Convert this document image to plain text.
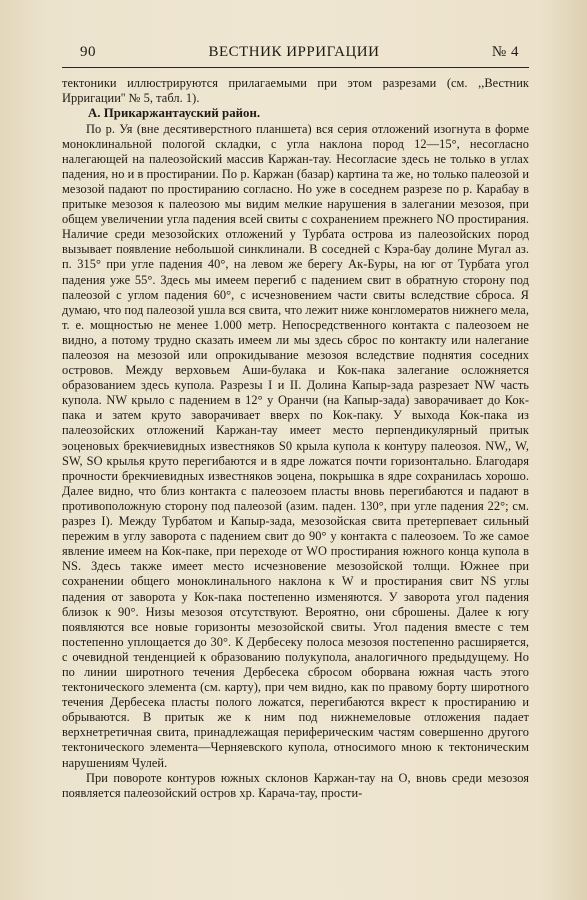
90	ВЕСТНИК ИРРИГАЦИИ	№ 4

тектоники иллюстрируются прилагаемыми при этом разрезами (см. ,,Вестник Ирригации'' № 5, табл. 1).

А. Прикаржантауский район.

По р. Уя (вне десятиверстного планшета) вся серия отложений изогнута в форме моноклинальной пологой складки, с угла наклона пород 12—15°, несогласно налегающей на палеозойский массив Каржан-тау. Несогласие здесь не только в углах падения, но и в простирании. По р. Каржан (базар) картина та же, но только палеозой и мезозой падают по простиранию согласно. Но уже в соседнем разрезе по р. Карабау в притыке мезозоя к палеозою мы видим мелкие нарушения в залегании мезозоя, при общем увеличении угла падения всей свиты с сохранением прежнего NO простирания. Наличие среди мезозойских отложений у Турбата острова из палеозойских пород вызывает появление небольшой синклинали. В соседней с Кэра-бау долине Мугал аз. п. 315° при угле падения 40°, на левом же берегу Ак-Буры, на юг от Турбата угол падения уже 55°. Здесь мы имеем перегиб с падением свит в обратную сторону под палеозой с углом падения 60°, с исчезновением части свиты вследствие сброса. Я думаю, что под палеозой ушла вся свита, что лежит ниже конгломератов нижнего мела, т. е. мощностью не менее 1.000 метр. Непосредственного контакта с палеозоем не видно, а потому трудно сказать имеем ли мы здесь сброс по контакту или налегание палеозоя на мезозой или опрокидывание мезозоя вследствие поднятия соседних островов. Между верховьем Аши-булака и Кок-пака залегание осложняется образованием здесь купола. Разрезы I и II. Долина Капыр-зада разрезает NW часть купола. NW крыло с падением в 12° у Оранчи (на Капыр-зада) заворачивает до Кок-пака и затем круто заворачивает вверх по Кок-паку. У выхода Кок-пака из палеозойских отложений Каржан-тау имеет место перпендикулярный притык эоценовых брекчиевидных известняков S0 крыла купола к контуру палеозоя. NW,, W, SW, SO крылья круто перегибаются и в ядре ложатся почти горизонтально. Благодаря прочности брекчиевидных известняков эоцена, покрышка в ядре сохранилась хорошо. Далее видно, что близ контакта с палеозоем пласты вновь перегибаются и падают в противоположную сторону под палеозой (азим. паден. 130°, при угле падения 22°; см. разрез I). Между Турбатом и Капыр-зада, мезозойская свита претерпевает сильный пережим в углу заворота с падением свит до 90° у контакта с палеозоем. То же самое явление имеем на Кок-паке, при переходе от WO простирания южного конца купола в NS. Здесь также имеет место исчезновение мезозойской толщи. Южнее при сохранении общего моноклинального наклона к W и простирания свит NS углы падения от заворота у Кок-пака постепенно изменяются. У заворота угол падения близок к 90°. Низы мезозоя отсутствуют. Вероятно, они сброшены. Далее к югу появляются все новые горизонты мезозойской свиты. Угол падения вместе с тем постепенно уплощается до 30°. К Дербесеку полоса мезозоя постепенно расширяется, с очевидной тенденцией к образованию полукупола, аналогичного предыдущему. Но по линии широтного течения Дербесека сбросом оборвана южная часть этого тектонического элемента (см. карту), при чем видно, как по правому борту широтного течения Дербесека пласты полого ложатся, перегибаются вкрест к простиранию и обрываются. В притык же к ним под нижнемеловые отложения падает верхнетретичная свита, принадлежащая периферическим частям совершенно другого тектонического элемента—Черняевского купола, относимого мною к тектоническим нарушениям Чулей.

При повороте контуров южных склонов Каржан-тау на О, вновь среди мезозоя появляется палеозойский остров хр. Карача-тау, прости-
